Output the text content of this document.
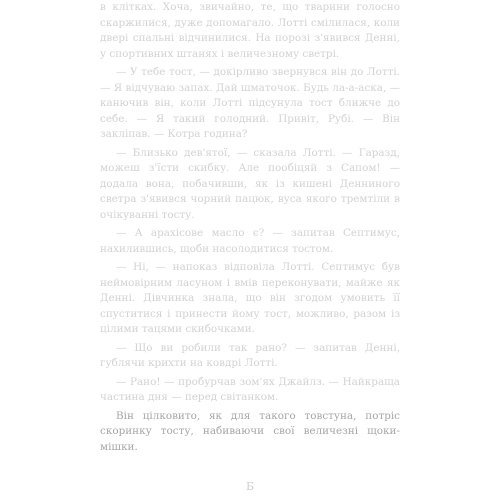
в клітках. Хоча, звичайно, те, що тварини голосно скаржилися, дуже допомагало. Лотті смілилася, коли двері спальні відчинилися. На порозі з'явився Денні, у спортивних штанях і величезному светрі.

— У тебе тост, — докірливо звернувся він до Лотті. — Я відчуваю запах. Дай шматочок. Будь ла-а-аска, — канючив він, коли Лотті підсунула тост ближче до себе. — Я такий голодний. Привіт, Рубі. — Він закліпав. — Котра година?

— Близько дев'ятої, — сказала Лотті. — Гаразд, можеш з'їсти скибку. Але пообіцяй з Сапом! — додала вона, побачивши, як із кишені Денниного светра з'явився чорний пацюк, вуса якого тремтіли в очікуванні тосту.

— А арахісове масло є? — запитав Септимус, нахилившись, щоби насолодитися тостом.

— Ні, — напоказ відповіла Лотті. Септимус був неймовірним ласуном і вмів переконувати, майже як Денні. Дівчинка знала, що він згодом умовить її спуститися і принести йому тост, можливо, разом із цілими тацями скибочками.

— Що ви робили так рано? — запитав Денні, гублячи крихти на ковдрі Лотті.

— Рано! — пробурчав зом'ях Джайлз. — Найкраща частина дня — перед світанком.

Він цілковито, як для такого товстуна, потріс скоринку тосту, набиваючи свої величезні щоки-мішки.

Б
